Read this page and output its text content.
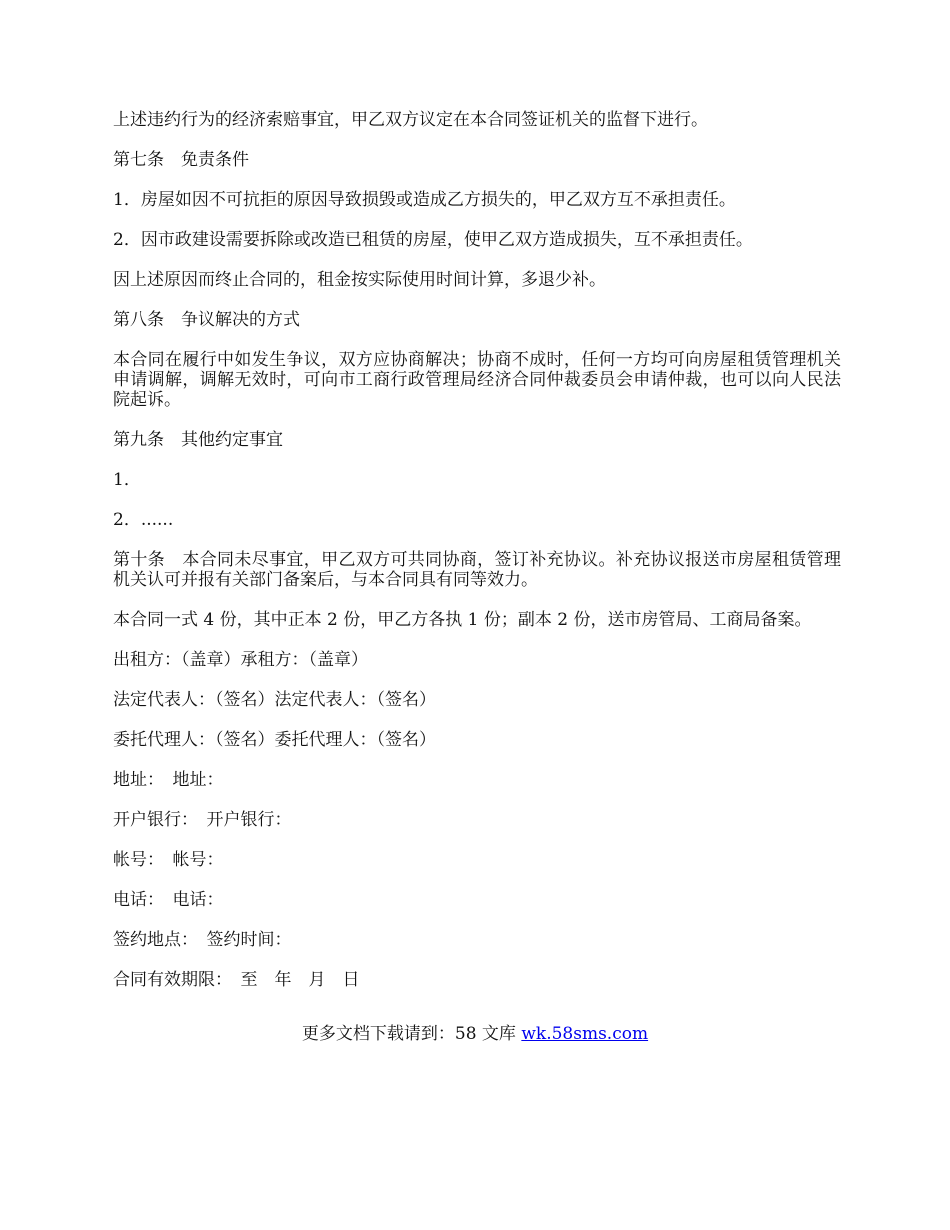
上述违约行为的经济索赔事宜，甲乙双方议定在本合同签证机关的监督下进行。

第七条　免责条件

1．房屋如因不可抗拒的原因导致损毁或造成乙方损失的，甲乙双方互不承担责任。

2．因市政建设需要拆除或改造已租赁的房屋，使甲乙双方造成损失，互不承担责任。

因上述原因而终止合同的，租金按实际使用时间计算，多退少补。

第八条　争议解决的方式

本合同在履行中如发生争议，双方应协商解决；协商不成时，任何一方均可向房屋租赁管理机关申请调解，调解无效时，可向市工商行政管理局经济合同仲裁委员会申请仲裁，也可以向人民法院起诉。

第九条　其他约定事宜

1．

2．......

第十条　本合同未尽事宜，甲乙双方可共同协商，签订补充协议。补充协议报送市房屋租赁管理机关认可并报有关部门备案后，与本合同具有同等效力。

本合同一式 4 份，其中正本 2 份，甲乙方各执 1 份；副本 2 份，送市房管局、工商局备案。

出租方：（盖章）承租方：（盖章）

法定代表人：（签名）法定代表人：（签名）

委托代理人：（签名）委托代理人：（签名）

地址：　地址：

开户银行：　开户银行：

帐号：　帐号：

电话：　电话：

签约地点：　签约时间：

合同有效期限：　至　年　月　日

更多文档下载请到：58 文库 wk.58sms.com
